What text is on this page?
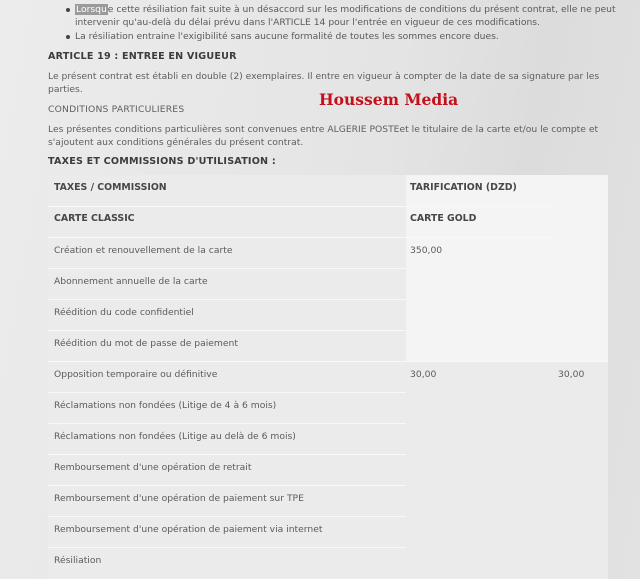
Lorsque cette résiliation fait suite à un désaccord sur les modifications de conditions du présent contrat, elle ne peut
intervenir qu'au-delà du délai prévu dans l'ARTICLE 14 pour l'entrée en vigueur de ces modifications.
La résiliation entraine l'exigibilité sans aucune formalité de toutes les sommes encore dues.
ARTICLE 19 : ENTREE EN VIGUEUR
Le présent contrat est établi en double (2) exemplaires. Il entre en vigueur à compter de la date de sa signature par les
parties.
Houssem Media
CONDITIONS PARTICULIERES
Les présentes conditions particulières sont convenues entre ALGERIE POSTEet le titulaire de la carte et/ou le compte et
s'ajoutent aux conditions générales du présent contrat.
TAXES ET COMMISSIONS D'UTILISATION :
TAXES / COMMISSION	TARIFICATION (DZD)
CARTE CLASSIC	CARTE GOLD
Création et renouvellement de la carte	350,00
Abonnement annuelle de la carte
Réédition du code confidentiel
Réédition du mot de passe de paiement
Opposition temporaire ou définitive	30,00	30,00
Réclamations non fondées (Litige de 4 à 6 mois)
Réclamations non fondées (Litige au delà de 6 mois)
Remboursement d'une opération de retrait
Remboursement d'une opération de paiement sur TPE
Remboursement d'une opération de paiement via internet
Résiliation
